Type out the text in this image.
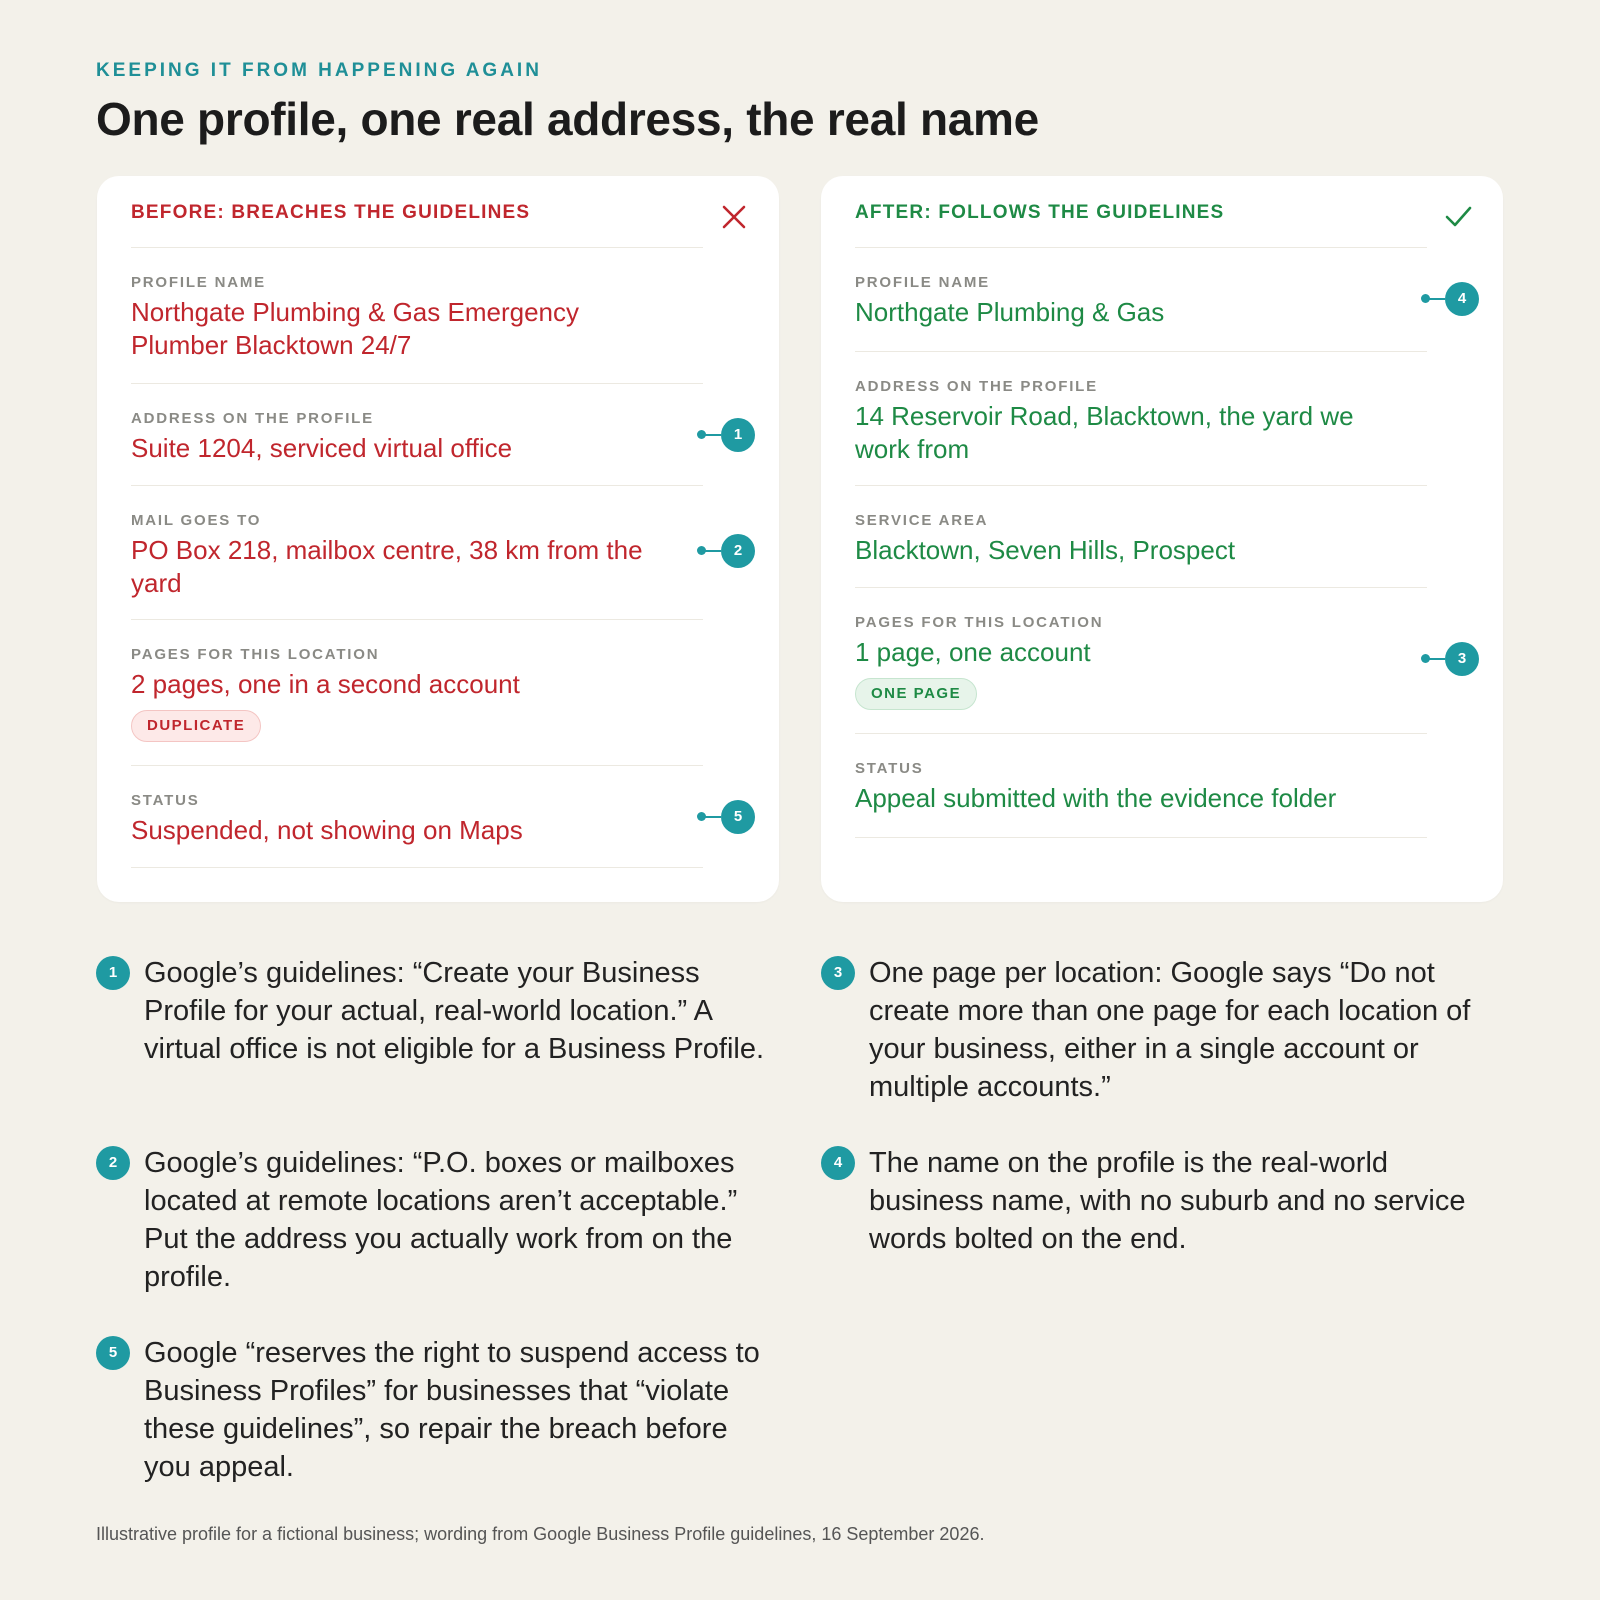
KEEPING IT FROM HAPPENING AGAIN
One profile, one real address, the real name
BEFORE: BREACHES THE GUIDELINES
PROFILE NAME
Northgate Plumbing & Gas Emergency Plumber Blacktown 24/7
ADDRESS ON THE PROFILE
Suite 1204, serviced virtual office	1
MAIL GOES TO
PO Box 218, mailbox centre, 38 km from the yard
2
PAGES FOR THIS LOCATION
2 pages, one in a second account
DUPLICATE
STATUS
Suspended, not showing on Maps	5
AFTER: FOLLOWS THE GUIDELINES
PROFILE NAME
Northgate Plumbing & Gas	4
ADDRESS ON THE PROFILE
14 Reservoir Road, Blacktown, the yard we work from
SERVICE AREA
Blacktown, Seven Hills, Prospect
PAGES FOR THIS LOCATION
1 page, one account
ONE PAGE
3
STATUS
Appeal submitted with the evidence folder
1 Google’s guidelines: “Create your Business Profile for your actual, real-world location.” A virtual office is not eligible for a Business Profile.
2 Google’s guidelines: “P.O. boxes or mailboxes located at remote locations aren’t acceptable.” Put the address you actually work from on the profile.
5 Google “reserves the right to suspend access to Business Profiles” for businesses that “violate these guidelines”, so repair the breach before you appeal.
3 One page per location: Google says “Do not create more than one page for each location of your business, either in a single account or multiple accounts.”
4 The name on the profile is the real-world business name, with no suburb and no service words bolted on the end.
Illustrative profile for a fictional business; wording from Google Business Profile guidelines, 16 September 2026.
